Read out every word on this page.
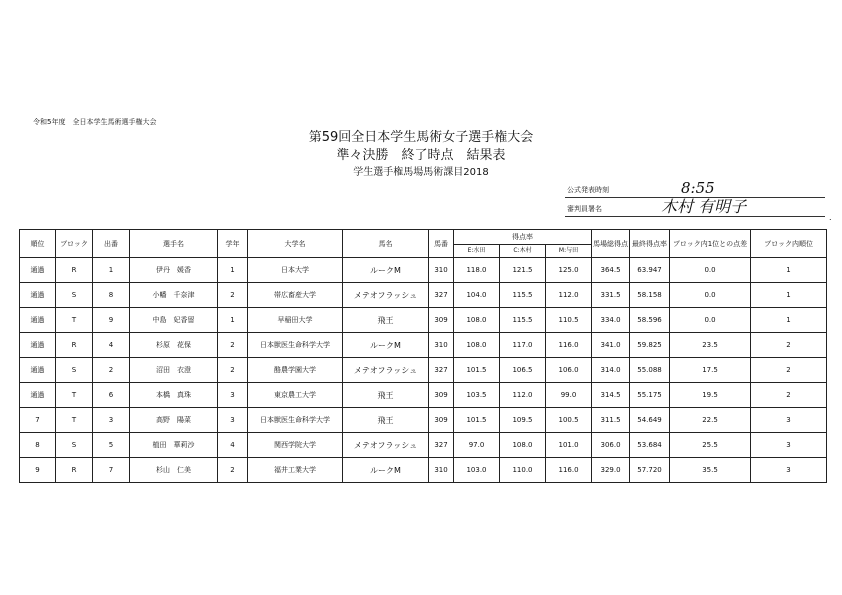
令和5年度　全日本学生馬術選手権大会
第59回全日本学生馬術女子選手権大会
準々決勝　終了時点　結果表
学生選手権馬場馬術課目2018
公式発表時刻	8:55
審判員署名	木村 有明子
.
順位	ブロック	出番	選手名	学年	大学名	馬名	馬番	得点率			馬場総得点	最終得点率	ブロック内1位との点差	ブロック内順位
								E:水田	C:木村	M:与田				
通過	R	1	伊丹　媛香	1	日本大学	ルークM	310	118.0	121.5	125.0	364.5	63.947	0.0	1
通過	S	8	小幡　千奈津	2	帯広畜産大学	メテオフラッシュ	327	104.0	115.5	112.0	331.5	58.158	0.0	1
通過	T	9	中島　妃香留	1	早稲田大学	飛王	309	108.0	115.5	110.5	334.0	58.596	0.0	1
通過	R	4	杉原　花保	2	日本獣医生命科学大学	ルークM	310	108.0	117.0	116.0	341.0	59.825	23.5	2
通過	S	2	沼田　衣澄	2	酪農学園大学	メテオフラッシュ	327	101.5	106.5	106.0	314.0	55.088	17.5	2
通過	T	6	本橋　真珠	3	東京農工大学	飛王	309	103.5	112.0	99.0	314.5	55.175	19.5	2
7	T	3	高野　陽菜	3	日本獣医生命科学大学	飛王	309	101.5	109.5	100.5	311.5	54.649	22.5	3
8	S	5	植田　華莉沙	4	関西学院大学	メテオフラッシュ	327	97.0	108.0	101.0	306.0	53.684	25.5	3
9	R	7	杉山　仁美	2	福井工業大学	ルークM	310	103.0	110.0	116.0	329.0	57.720	35.5	3
